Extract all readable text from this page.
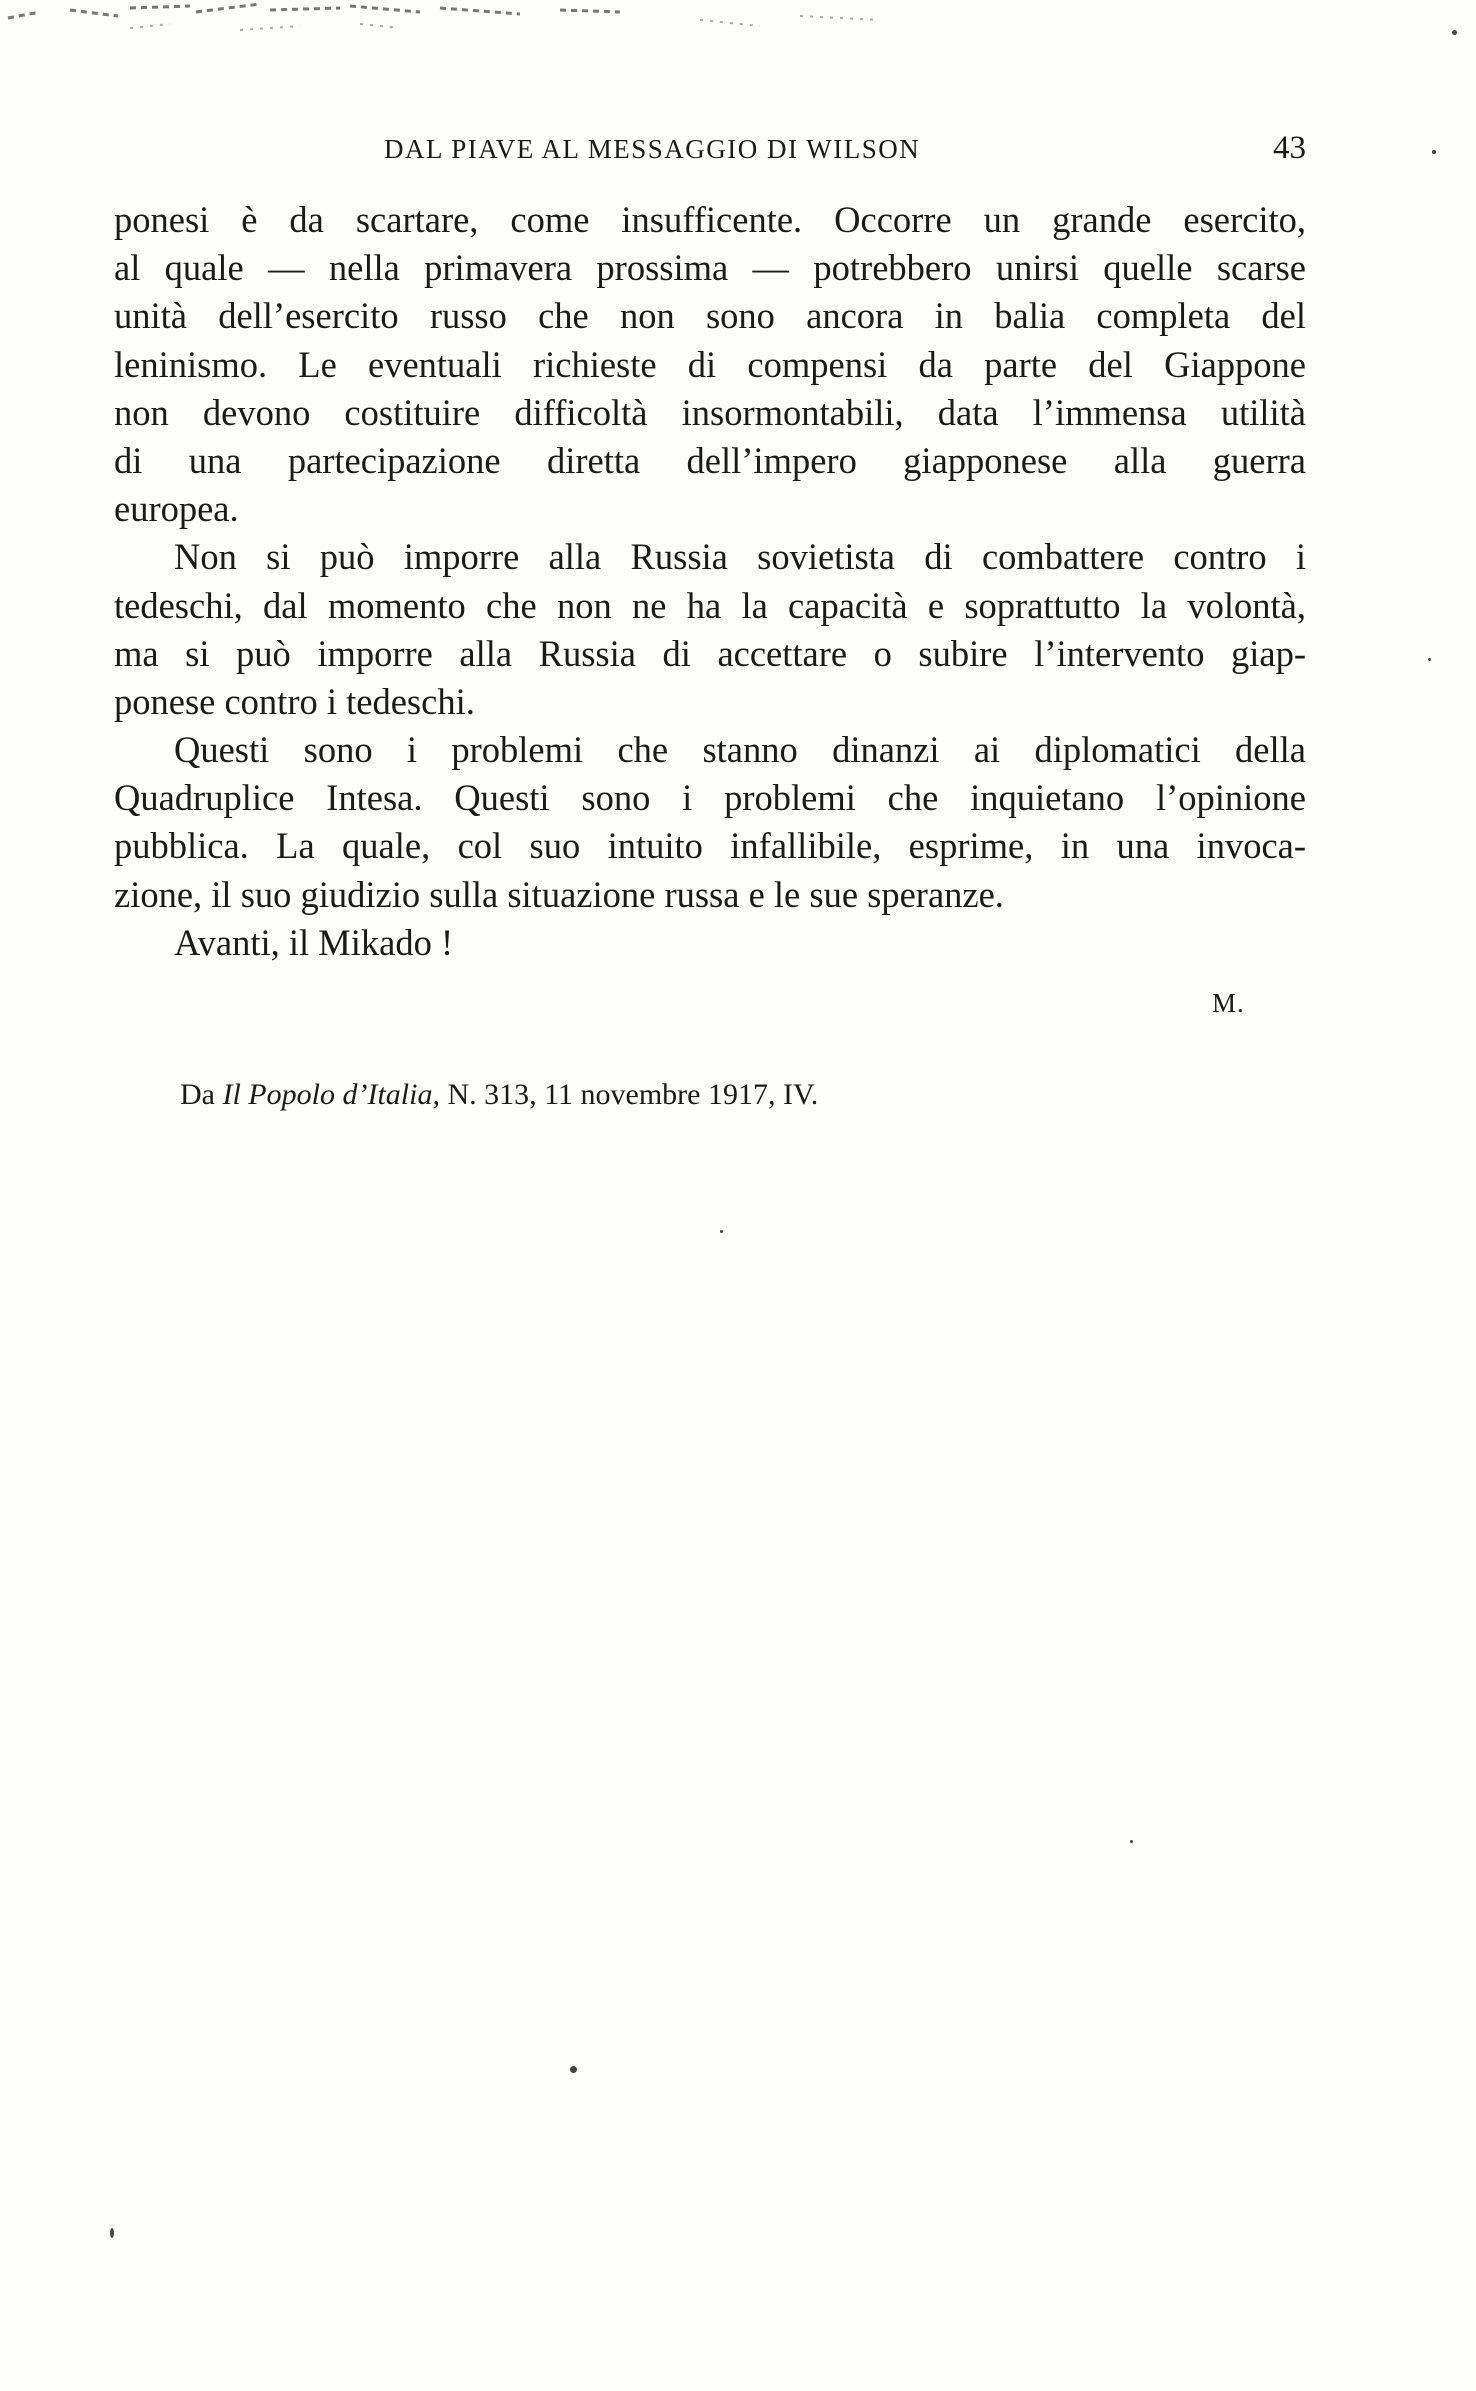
DAL PIAVE AL MESSAGGIO DI WILSON	43
ponesi è da scartare, come insufficente. Occorre un grande esercito,
al quale — nella primavera prossima — potrebbero unirsi quelle scarse
unità dell’esercito russo che non sono ancora in balia completa del
leninismo. Le eventuali richieste di compensi da parte del Giappone
non devono costituire difficoltà insormontabili, data l’immensa utilità
di una partecipazione diretta dell’impero giapponese alla guerra
europea.
Non si può imporre alla Russia sovietista di combattere contro i
tedeschi, dal momento che non ne ha la capacità e soprattutto la volontà,
ma si può imporre alla Russia di accettare o subire l’intervento giap-
ponese contro i tedeschi.
Questi sono i problemi che stanno dinanzi ai diplomatici della
Quadruplice Intesa. Questi sono i problemi che inquietano l’opinione
pubblica. La quale, col suo intuito infallibile, esprime, in una invoca-
zione, il suo giudizio sulla situazione russa e le sue speranze.
Avanti, il Mikado !
M.
Da Il Popolo d’Italia, N. 313, 11 novembre 1917, IV.
